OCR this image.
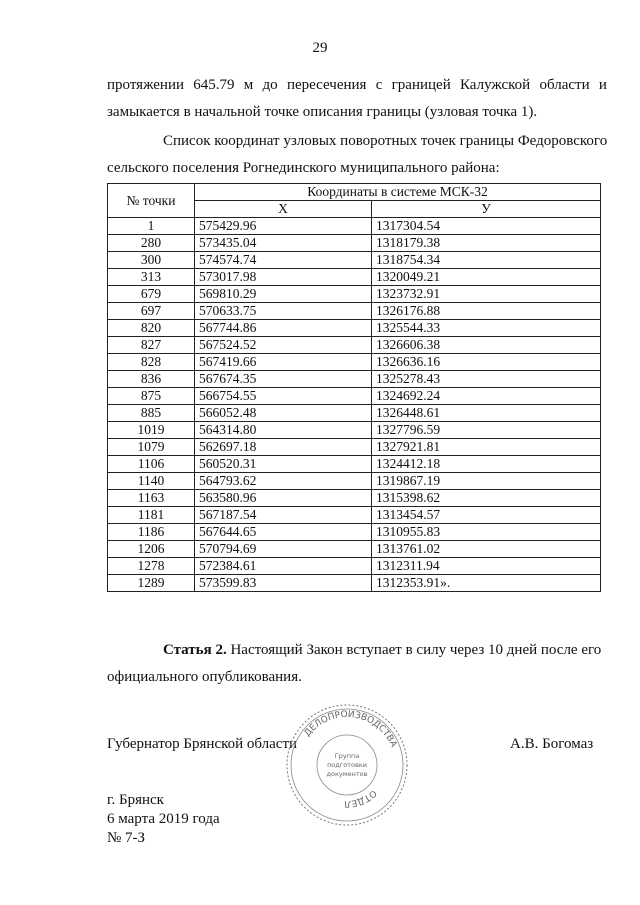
29
протяжении 645.79 м до пересечения с границей Калужской области и
замыкается в начальной точке описания границы (узловая точка 1).
Список координат узловых поворотных точек границы Федоровского
сельского поселения Рогнединского муниципального района:
№ точки	Координаты в системе МСК-32	
	X	У
1	575429.96	1317304.54
280	573435.04	1318179.38
300	574574.74	1318754.34
313	573017.98	1320049.21
679	569810.29	1323732.91
697	570633.75	1326176.88
820	567744.86	1325544.33
827	567524.52	1326606.38
828	567419.66	1326636.16
836	567674.35	1325278.43
875	566754.55	1324692.24
885	566052.48	1326448.61
1019	564314.80	1327796.59
1079	562697.18	1327921.81
1106	560520.31	1324412.18
1140	564793.62	1319867.19
1163	563580.96	1315398.62
1181	567187.54	1313454.57
1186	567644.65	1310955.83
1206	570794.69	1313761.02
1278	572384.61	1312311.94
1289	573599.83	1312353.91».
Статья 2. Настоящий Закон вступает в силу через 10 дней после его
официального опубликования.
Губернатор Брянской области	А.В. Богомаз
г. Брянск
6 марта 2019 года
№ 7-З
ДЕЛОПРОИЗВОДСТВА
ОТДЕЛ
Группа
подготовки
документов
